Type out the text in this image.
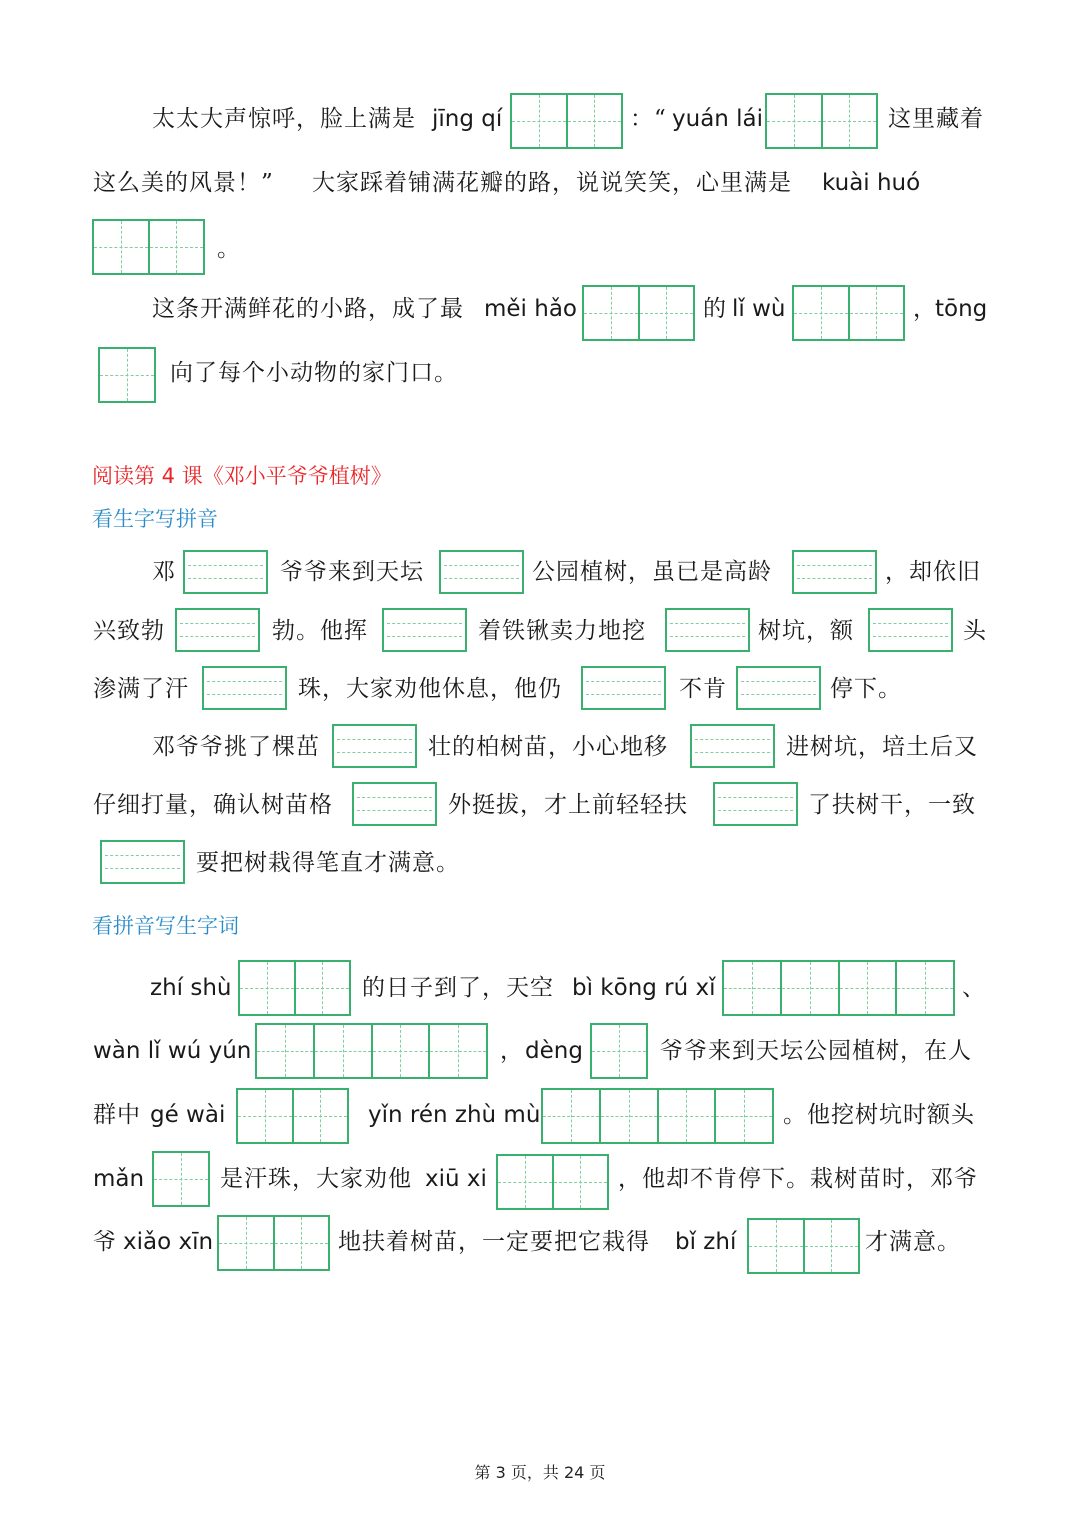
太太大声惊呼，脸上满是 jīng qí	：“ yuán lái	这里藏着
这么美的风景！” 大家踩着铺满花瓣的路，说说笑笑，心里满是 kuài huó
。
这条开满鲜花的小路，成了最 měi hǎo	的 lǐ wù	，
tōng
向了每个小动物的家门口。
阅读第 4 课《邓小平爷爷植树》
看生字写拼音
邓	爷爷来到天坛	公园植树，虽已是高龄	，却依旧
兴致勃	勃。他挥	着铁锹卖力地挖	树坑，额	头
渗满了汗	珠，大家劝他休息，他仍	不肯	停下。
邓爷爷挑了棵茁	壮的柏树苗，小心地移	进树坑，培土后又
仔细打量，确认树苗格	外挺拔，才上前轻轻扶	了扶树干，一致
要把树栽得笔直才满意。
看拼音写生字词
zhí shù	的日子到了，天空 bì kōng rú xǐ	、
wàn lǐ wú yún	， dèng	爷爷来到天坛公园植树，在人
群中 gé wài	yǐn rén zhù mù	。他挖树坑时额头
mǎn	是汗珠，大家劝他 xiū xi	，他却不肯停下。栽树苗时，邓爷
爷 xiǎo xīn	地扶着树苗，一定要把它栽得 bǐ zhí	才满意。
第 3 页，共 24 页
